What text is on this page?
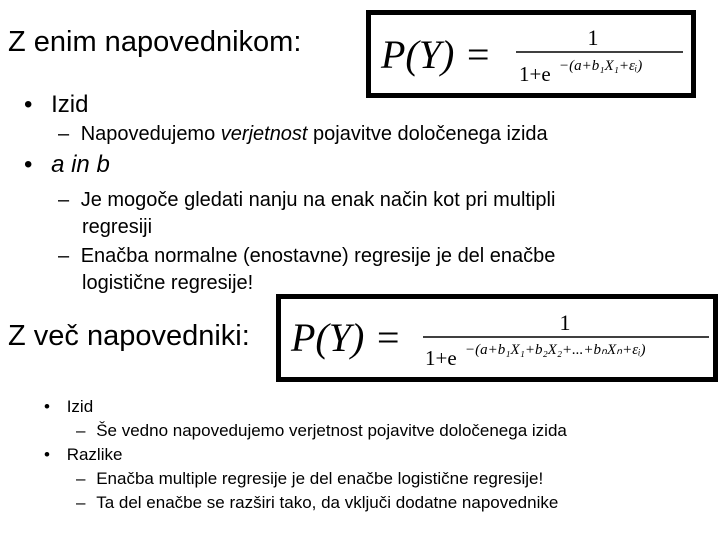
Z enim napovednikom: P(Y) =	1
1+e −(a+b₁X₁+εᵢ)
• Izid
– Napovedujemo verjetnost pojavitve določenega izida
• a in b
– Je mogoče gledati nanju na enak način kot pri multipli
regresiji
– Enačba normalne (enostavne) regresije je del enačbe
logistične regresije!
P(Y) =	1
1+e −(a+b₁X₁+b₂X₂+...+bₙXₙ+εᵢ)
Z več napovedniki:
• Izid
– Še vedno napovedujemo verjetnost pojavitve določenega izida
• Razlike
– Enačba multiple regresije je del enačbe logistične regresije!
– Ta del enačbe se razširi tako, da vključi dodatne napovednike
